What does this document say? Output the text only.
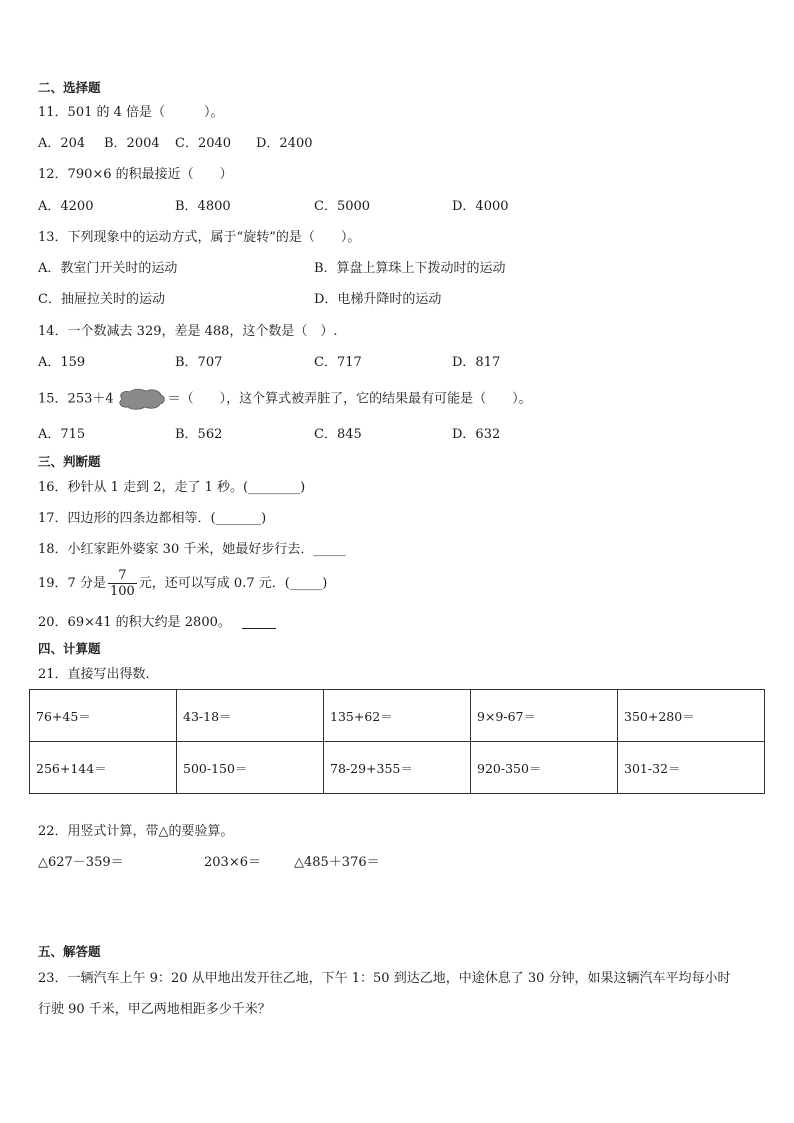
二、选择题
11．501 的 4 倍是（　　　）。
A．204 B．2004 C．2040 D．2400
12．790×6 的积最接近（　　）
A．4200	B．4800	C．5000	D．4000
13．下列现象中的运动方式，属于“旋转”的是（　　）。
A．教室门开关时的运动	B．算盘上算珠上下拨动时的运动
C．抽屉拉关时的运动	D．电梯升降时的运动
14．一个数减去 329，差是 488，这个数是（　）.
A．159	B．707	C．717	D．817
15．253＋4	＝（　　），这个算式被弄脏了，它的结果最有可能是（　　）。
A．715	B．562	C．845	D．632
三、判断题
16．秒针从 1 走到 2，走了 1 秒。(________)
17．四边形的四条边都相等．(_______)
18．小红家距外婆家 30 千米，她最好步行去．_____
19．7 分是 $\frac{7}{100}$ 元，还可以写成 0.7 元．(_____)
20．69×41 的积大约是 2800。
四、计算题
21．直接写出得数.
76+45＝	43-18＝	135+62＝	9×9-67＝	350+280＝
256+144＝	500-150＝	78-29+355＝	920-350＝	301-32＝
22．用竖式计算，带△的要验算。
△627－359＝	203×6＝	△485＋376＝
五、解答题
23．一辆汽车上午 9：20 从甲地出发开往乙地，下午 1：50 到达乙地，中途休息了 30 分钟，如果这辆汽车平均每小时
行驶 90 千米，甲乙两地相距多少千米？
